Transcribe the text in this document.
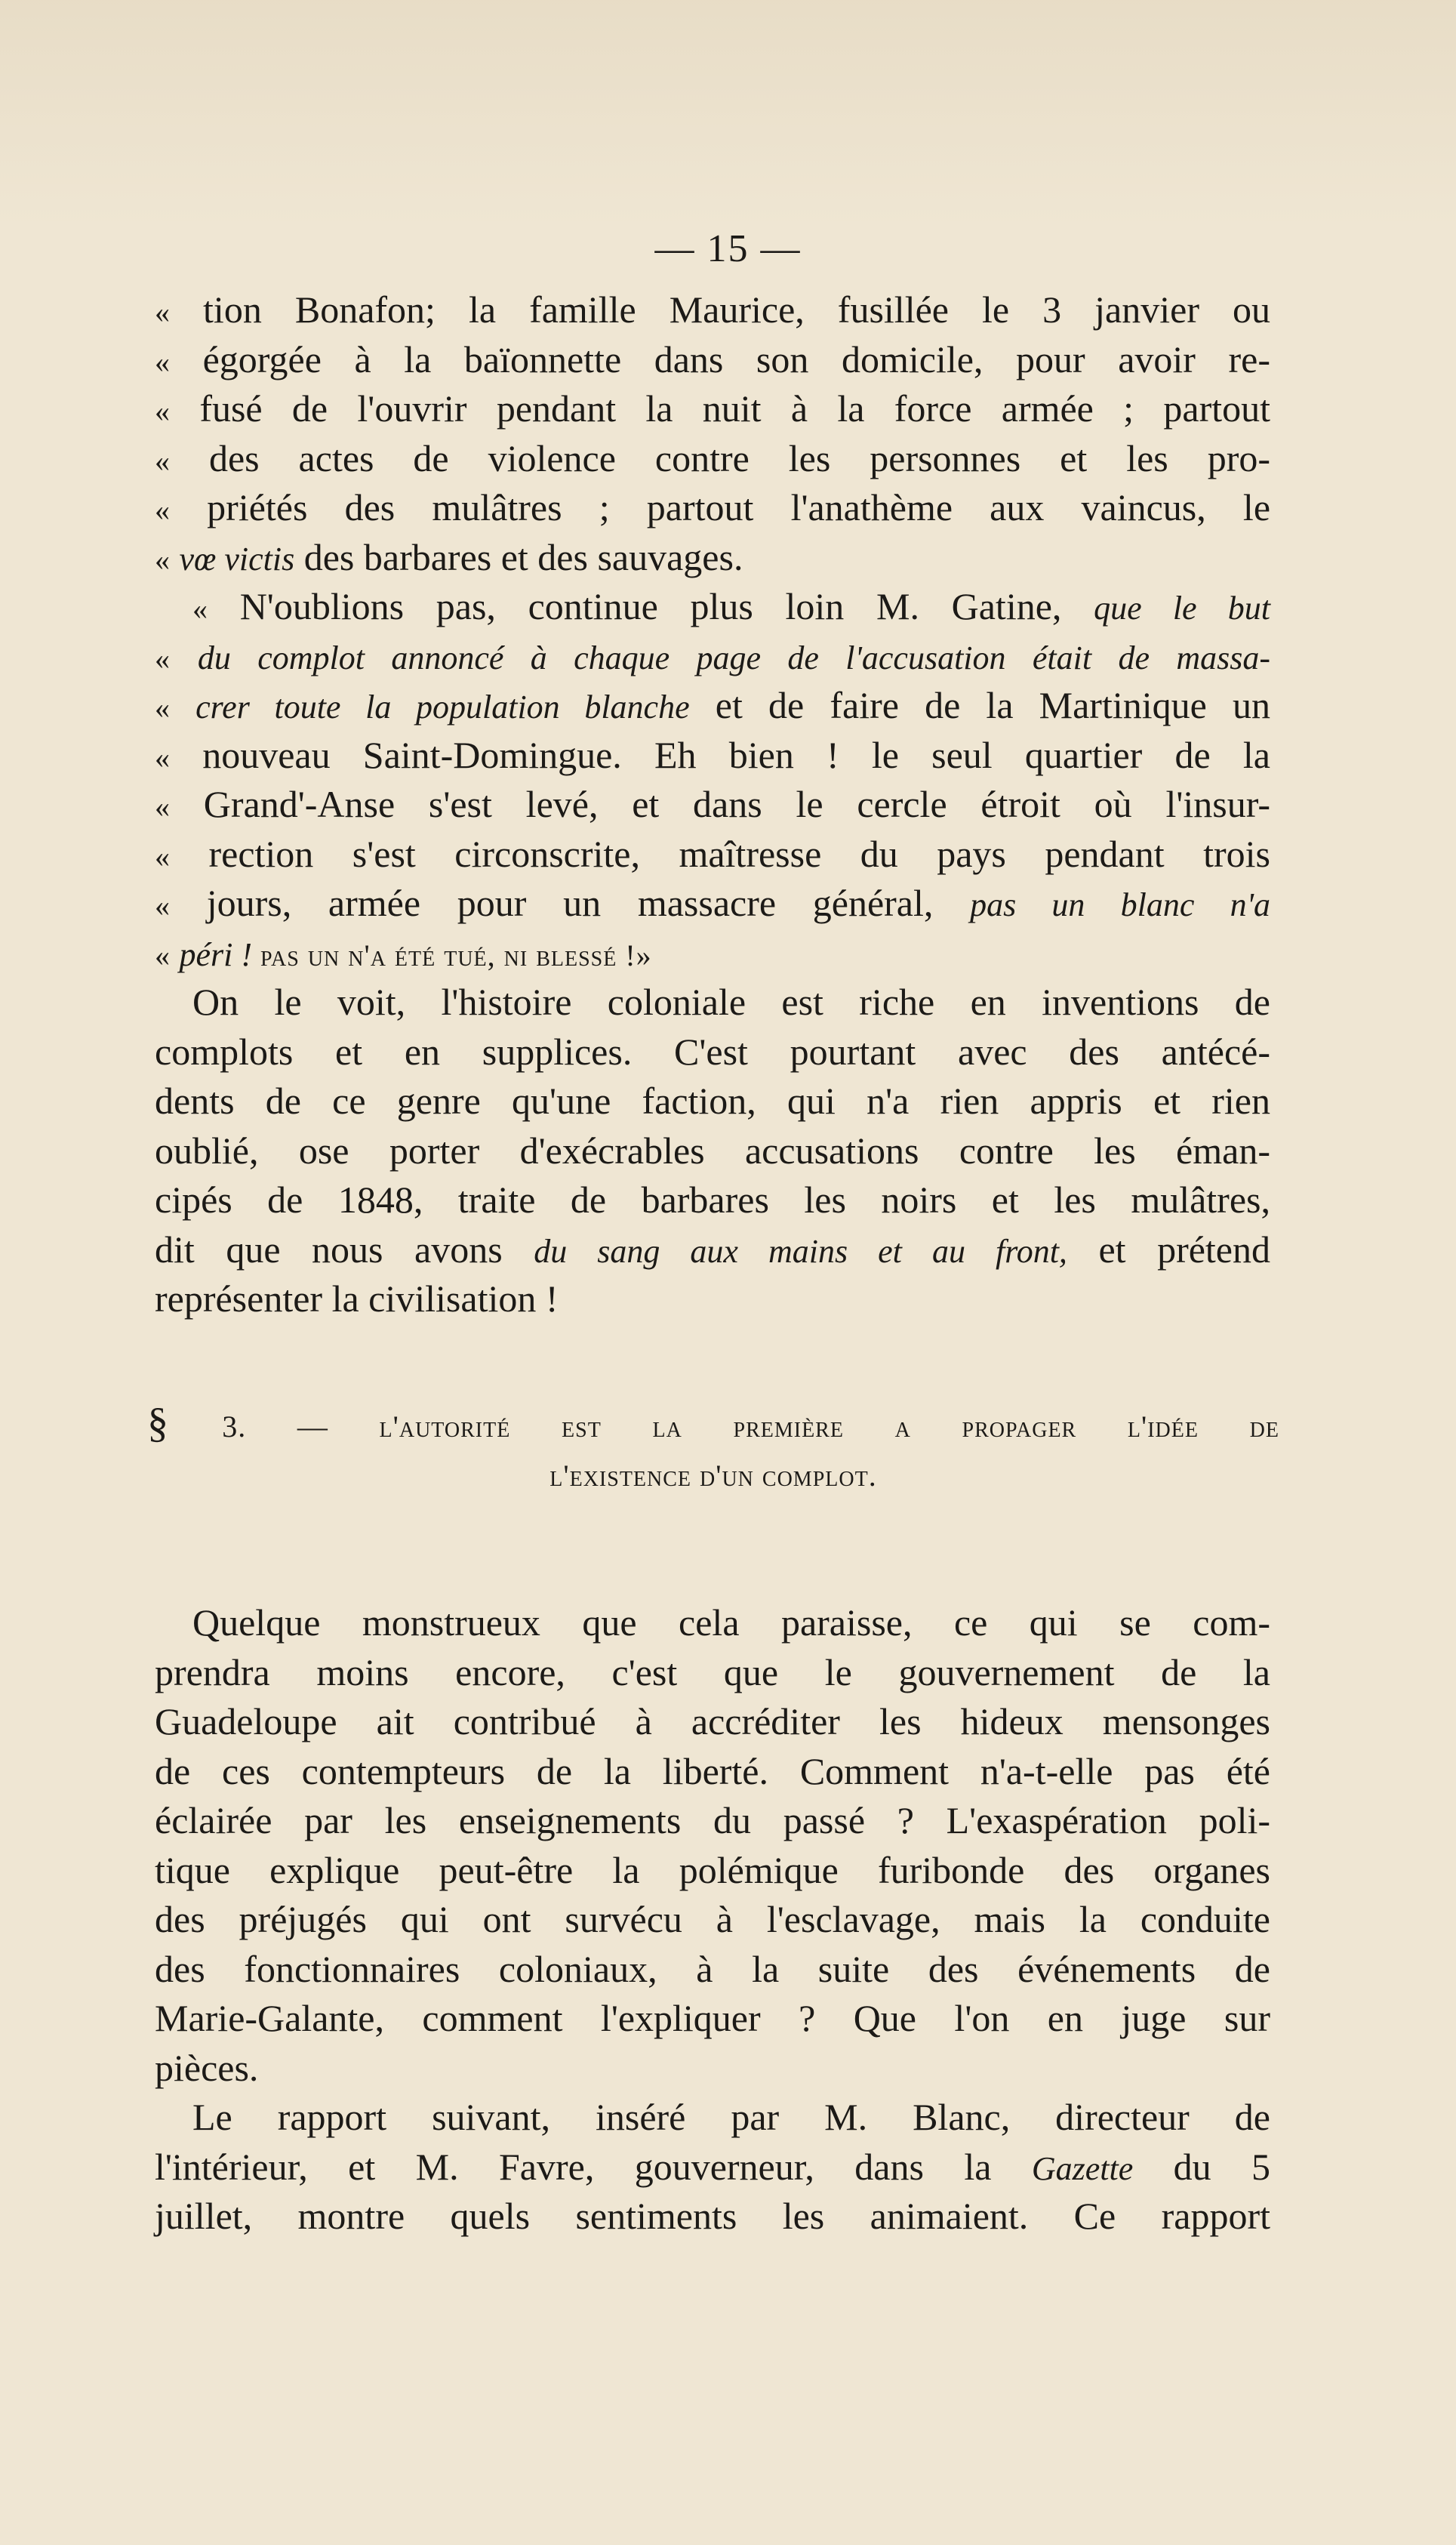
— 15 —
« tion Bonafon; la famille Maurice, fusillée le 3 janvier ou
« égorgée à la baïonnette dans son domicile, pour avoir re-
« fusé de l'ouvrir pendant la nuit à la force armée ; partout
« des actes de violence contre les personnes et les pro-
« priétés des mulâtres ; partout l'anathème aux vaincus, le
« vœ victis des barbares et des sauvages.
« N'oublions pas, continue plus loin M. Gatine, que le but
« du complot annoncé à chaque page de l'accusation était de massa-
« crer toute la population blanche et de faire de la Martinique un
« nouveau Saint-Domingue. Eh bien ! le seul quartier de la
« Grand'-Anse s'est levé, et dans le cercle étroit où l'insur-
« rection s'est circonscrite, maîtresse du pays pendant trois
« jours, armée pour un massacre général, pas un blanc n'a
« péri ! pas un n'a été tué, ni blessé !»
On le voit, l'histoire coloniale est riche en inventions de
complots et en supplices. C'est pourtant avec des antécé-
dents de ce genre qu'une faction, qui n'a rien appris et rien
oublié, ose porter d'exécrables accusations contre les éman-
cipés de 1848, traite de barbares les noirs et les mulâtres,
dit que nous avons du sang aux mains et au front, et prétend
représenter la civilisation !
§ 3. — l'autorité est la première a propager l'idée de
l'existence d'un complot.
Quelque monstrueux que cela paraisse, ce qui se com-
prendra moins encore, c'est que le gouvernement de la
Guadeloupe ait contribué à accréditer les hideux mensonges
de ces contempteurs de la liberté. Comment n'a-t-elle pas été
éclairée par les enseignements du passé ? L'exaspération poli-
tique explique peut-être la polémique furibonde des organes
des préjugés qui ont survécu à l'esclavage, mais la conduite
des fonctionnaires coloniaux, à la suite des événements de
Marie-Galante, comment l'expliquer ? Que l'on en juge sur
pièces.
Le rapport suivant, inséré par M. Blanc, directeur de
l'intérieur, et M. Favre, gouverneur, dans la Gazette du 5
juillet, montre quels sentiments les animaient. Ce rapport
